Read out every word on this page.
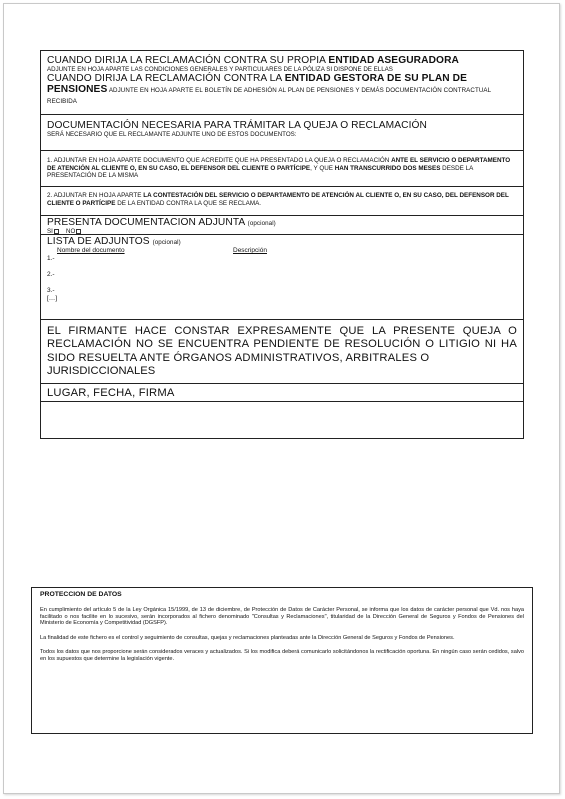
CUANDO DIRIJA LA RECLAMACIÓN CONTRA SU PROPIA ENTIDAD ASEGURADORA
ADJUNTE EN HOJA APARTE LAS CONDICIONES GENERALES Y PARTICULARES DE LA PÓLIZA SI DISPONE DE ELLAS
CUANDO DIRIJA LA RECLAMACIÓN CONTRA LA ENTIDAD GESTORA DE SU PLAN DE PENSIONES ADJUNTE EN HOJA APARTE EL BOLETÍN DE ADHESIÓN AL PLAN DE PENSIONES Y DEMÁS DOCUMENTACIÓN CONTRACTUAL RECIBIDA
DOCUMENTACIÓN NECESARIA PARA TRÁMITAR LA QUEJA O RECLAMACIÓN
SERÁ NECESARIO QUE EL RECLAMANTE ADJUNTE UNO DE ESTOS DOCUMENTOS:
1. ADJUNTAR EN HOJA APARTE DOCUMENTO QUE ACREDITE QUE HA PRESENTADO LA QUEJA O RECLAMACIÓN ANTE EL SERVICIO O DEPARTAMENTO DE ATENCIÓN AL CLIENTE O, EN SU CASO, EL DEFENSOR DEL CLIENTE O PARTÍCIPE, Y QUE HAN TRANSCURRIDO DOS MESES DESDE LA PRESENTACIÓN DE LA MISMA
2. ADJUNTAR EN HOJA APARTE LA CONTESTACIÓN DEL SERVICIO O DEPARTAMENTO DE ATENCIÓN AL CLIENTE O, EN SU CASO, DEL DEFENSOR DEL CLIENTE O PARTÍCIPE DE LA ENTIDAD CONTRA LA QUE SE RECLAMA.
PRESENTA DOCUMENTACION ADJUNTA (opcional)
SI NO
LISTA DE ADJUNTOS (opcional)
Nombre del documento	Descripción
1.-
2.-
3.-
[…]
EL FIRMANTE HACE CONSTAR EXPRESAMENTE QUE LA PRESENTE QUEJA O RECLAMACIÓN NO SE ENCUENTRA PENDIENTE DE RESOLUCIÓN O LITIGIO NI HA SIDO RESUELTA ANTE ÓRGANOS ADMINISTRATIVOS, ARBITRALES O
JURISDICCIONALES
LUGAR, FECHA, FIRMA
PROTECCION DE DATOS

En cumplimiento del artículo 5 de la Ley Orgánica 15/1999, de 13 de diciembre, de Protección de Datos de Carácter Personal, se informa que los datos de carácter personal que Vd. nos haya facilitado o nos facilite en lo sucesivo, serán incorporados al fichero denominado "Consultas y Reclamaciones", titularidad de la Dirección General de Seguros y Fondos de Pensiones del Ministerio de Economía y Competitividad (DGSFP).

La finalidad de este fichero es el control y seguimiento de consultas, quejas y reclamaciones planteadas ante la Dirección General de Seguros y Fondos de Pensiones.

Todos los datos que nos proporcione serán considerados veraces y actualizados. Si los modifica deberá comunicarlo solicitándonos la rectificación oportuna. En ningún caso serán cedidos, salvo en los supuestos que determine la legislación vigente.
